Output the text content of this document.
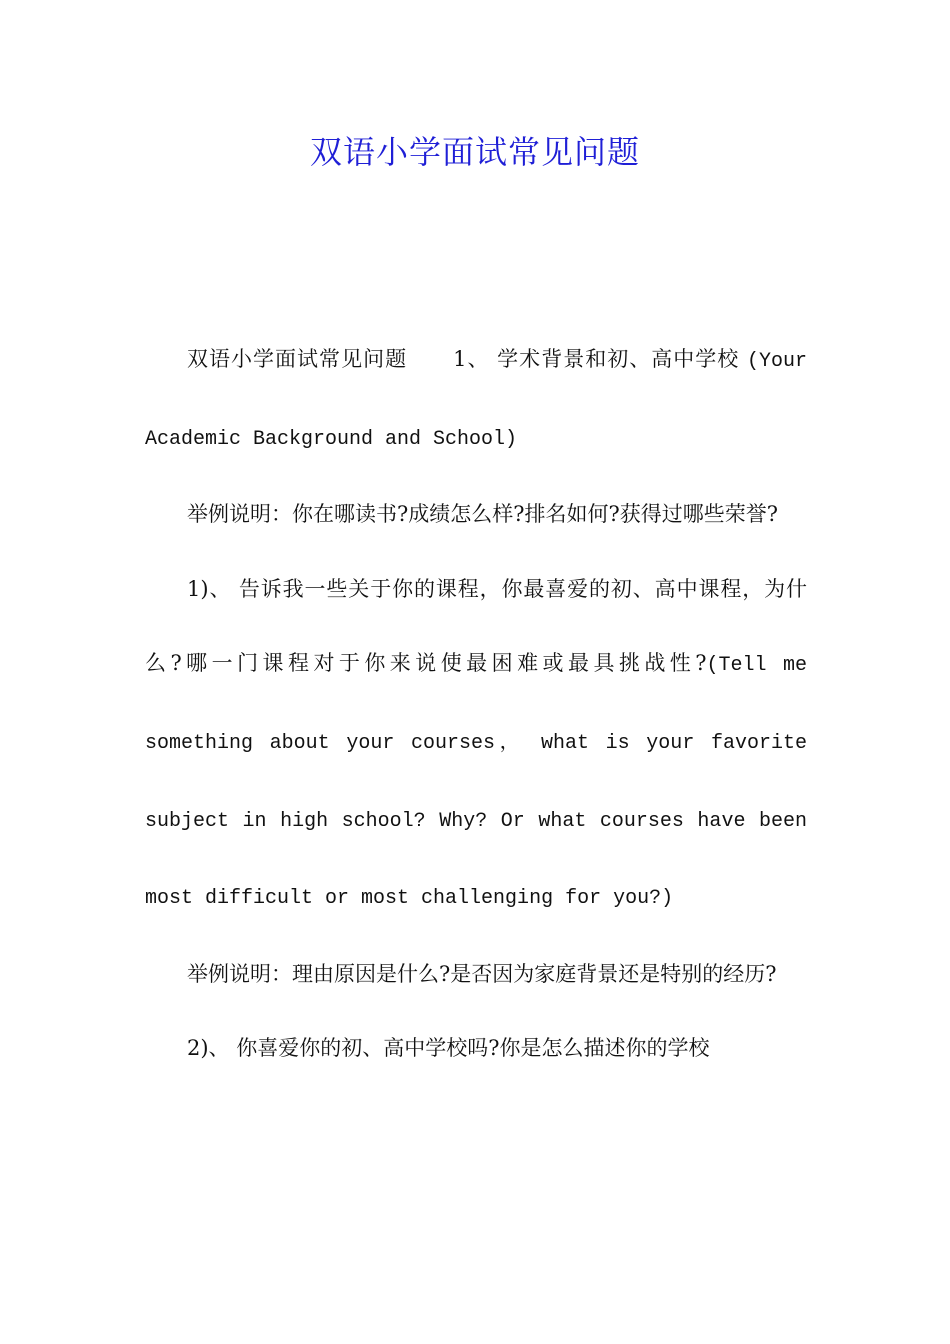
双语小学面试常见问题

双语小学面试常见问题 1、 学术背景和初、高中学校 (Your Academic Background and School)

举例说明：你在哪读书?成绩怎么样?排名如何?获得过哪些荣誉?

1)、 告诉我一些关于你的课程，你最喜爱的初、高中课程，为什么?哪一门课程对于你来说使最困难或最具挑战性?(Tell me something about your courses， what is your favorite subject in high school? Why? Or what courses have been most difficult or most challenging for you?)

举例说明：理由原因是什么?是否因为家庭背景还是特别的经历?

2)、 你喜爱你的初、高中学校吗?你是怎么描述你的学校
